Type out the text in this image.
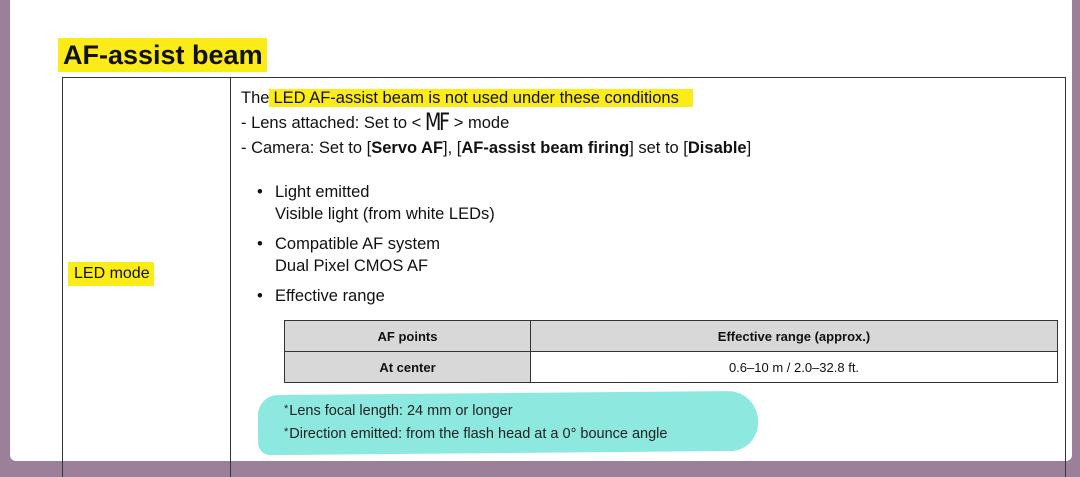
AF-assist beam
LED mode
The LED AF-assist beam is not used under these conditions
- Lens attached: Set to < MF > mode
- Camera: Set to [Servo AF], [AF-assist beam firing] set to [Disable]
• Light emitted
Visible light (from white LEDs)
• Compatible AF system
Dual Pixel CMOS AF
• Effective range
AF points	Effective range (approx.)
At center	0.6–10 m / 2.0–32.8 ft.
*Lens focal length: 24 mm or longer
*Direction emitted: from the flash head at a 0° bounce angle
